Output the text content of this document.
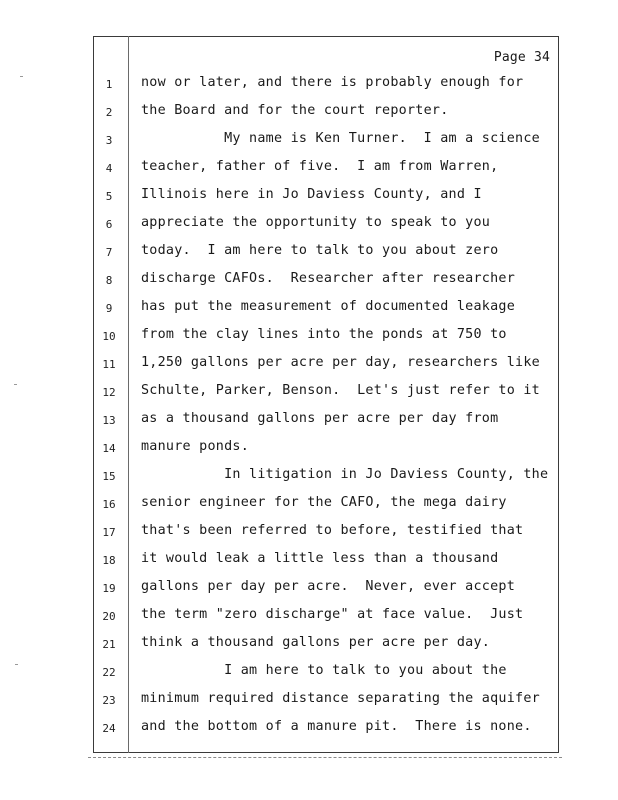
Page 34
1	now or later, and there is probably enough for
2	the Board and for the court reporter.
3	My name is Ken Turner.  I am a science
4	teacher, father of five.  I am from Warren,
5	Illinois here in Jo Daviess County, and I
6	appreciate the opportunity to speak to you
7	today.  I am here to talk to you about zero
8	discharge CAFOs.  Researcher after researcher
9	has put the measurement of documented leakage
10	from the clay lines into the ponds at 750 to
11	1,250 gallons per acre per day, researchers like
12	Schulte, Parker, Benson.  Let's just refer to it
13	as a thousand gallons per acre per day from
14	manure ponds.
15	In litigation in Jo Daviess County, the
16	senior engineer for the CAFO, the mega dairy
17	that's been referred to before, testified that
18	it would leak a little less than a thousand
19	gallons per day per acre.  Never, ever accept
20	the term "zero discharge" at face value.  Just
21	think a thousand gallons per acre per day.
22	I am here to talk to you about the
23	minimum required distance separating the aquifer
24	and the bottom of a manure pit.  There is none.
